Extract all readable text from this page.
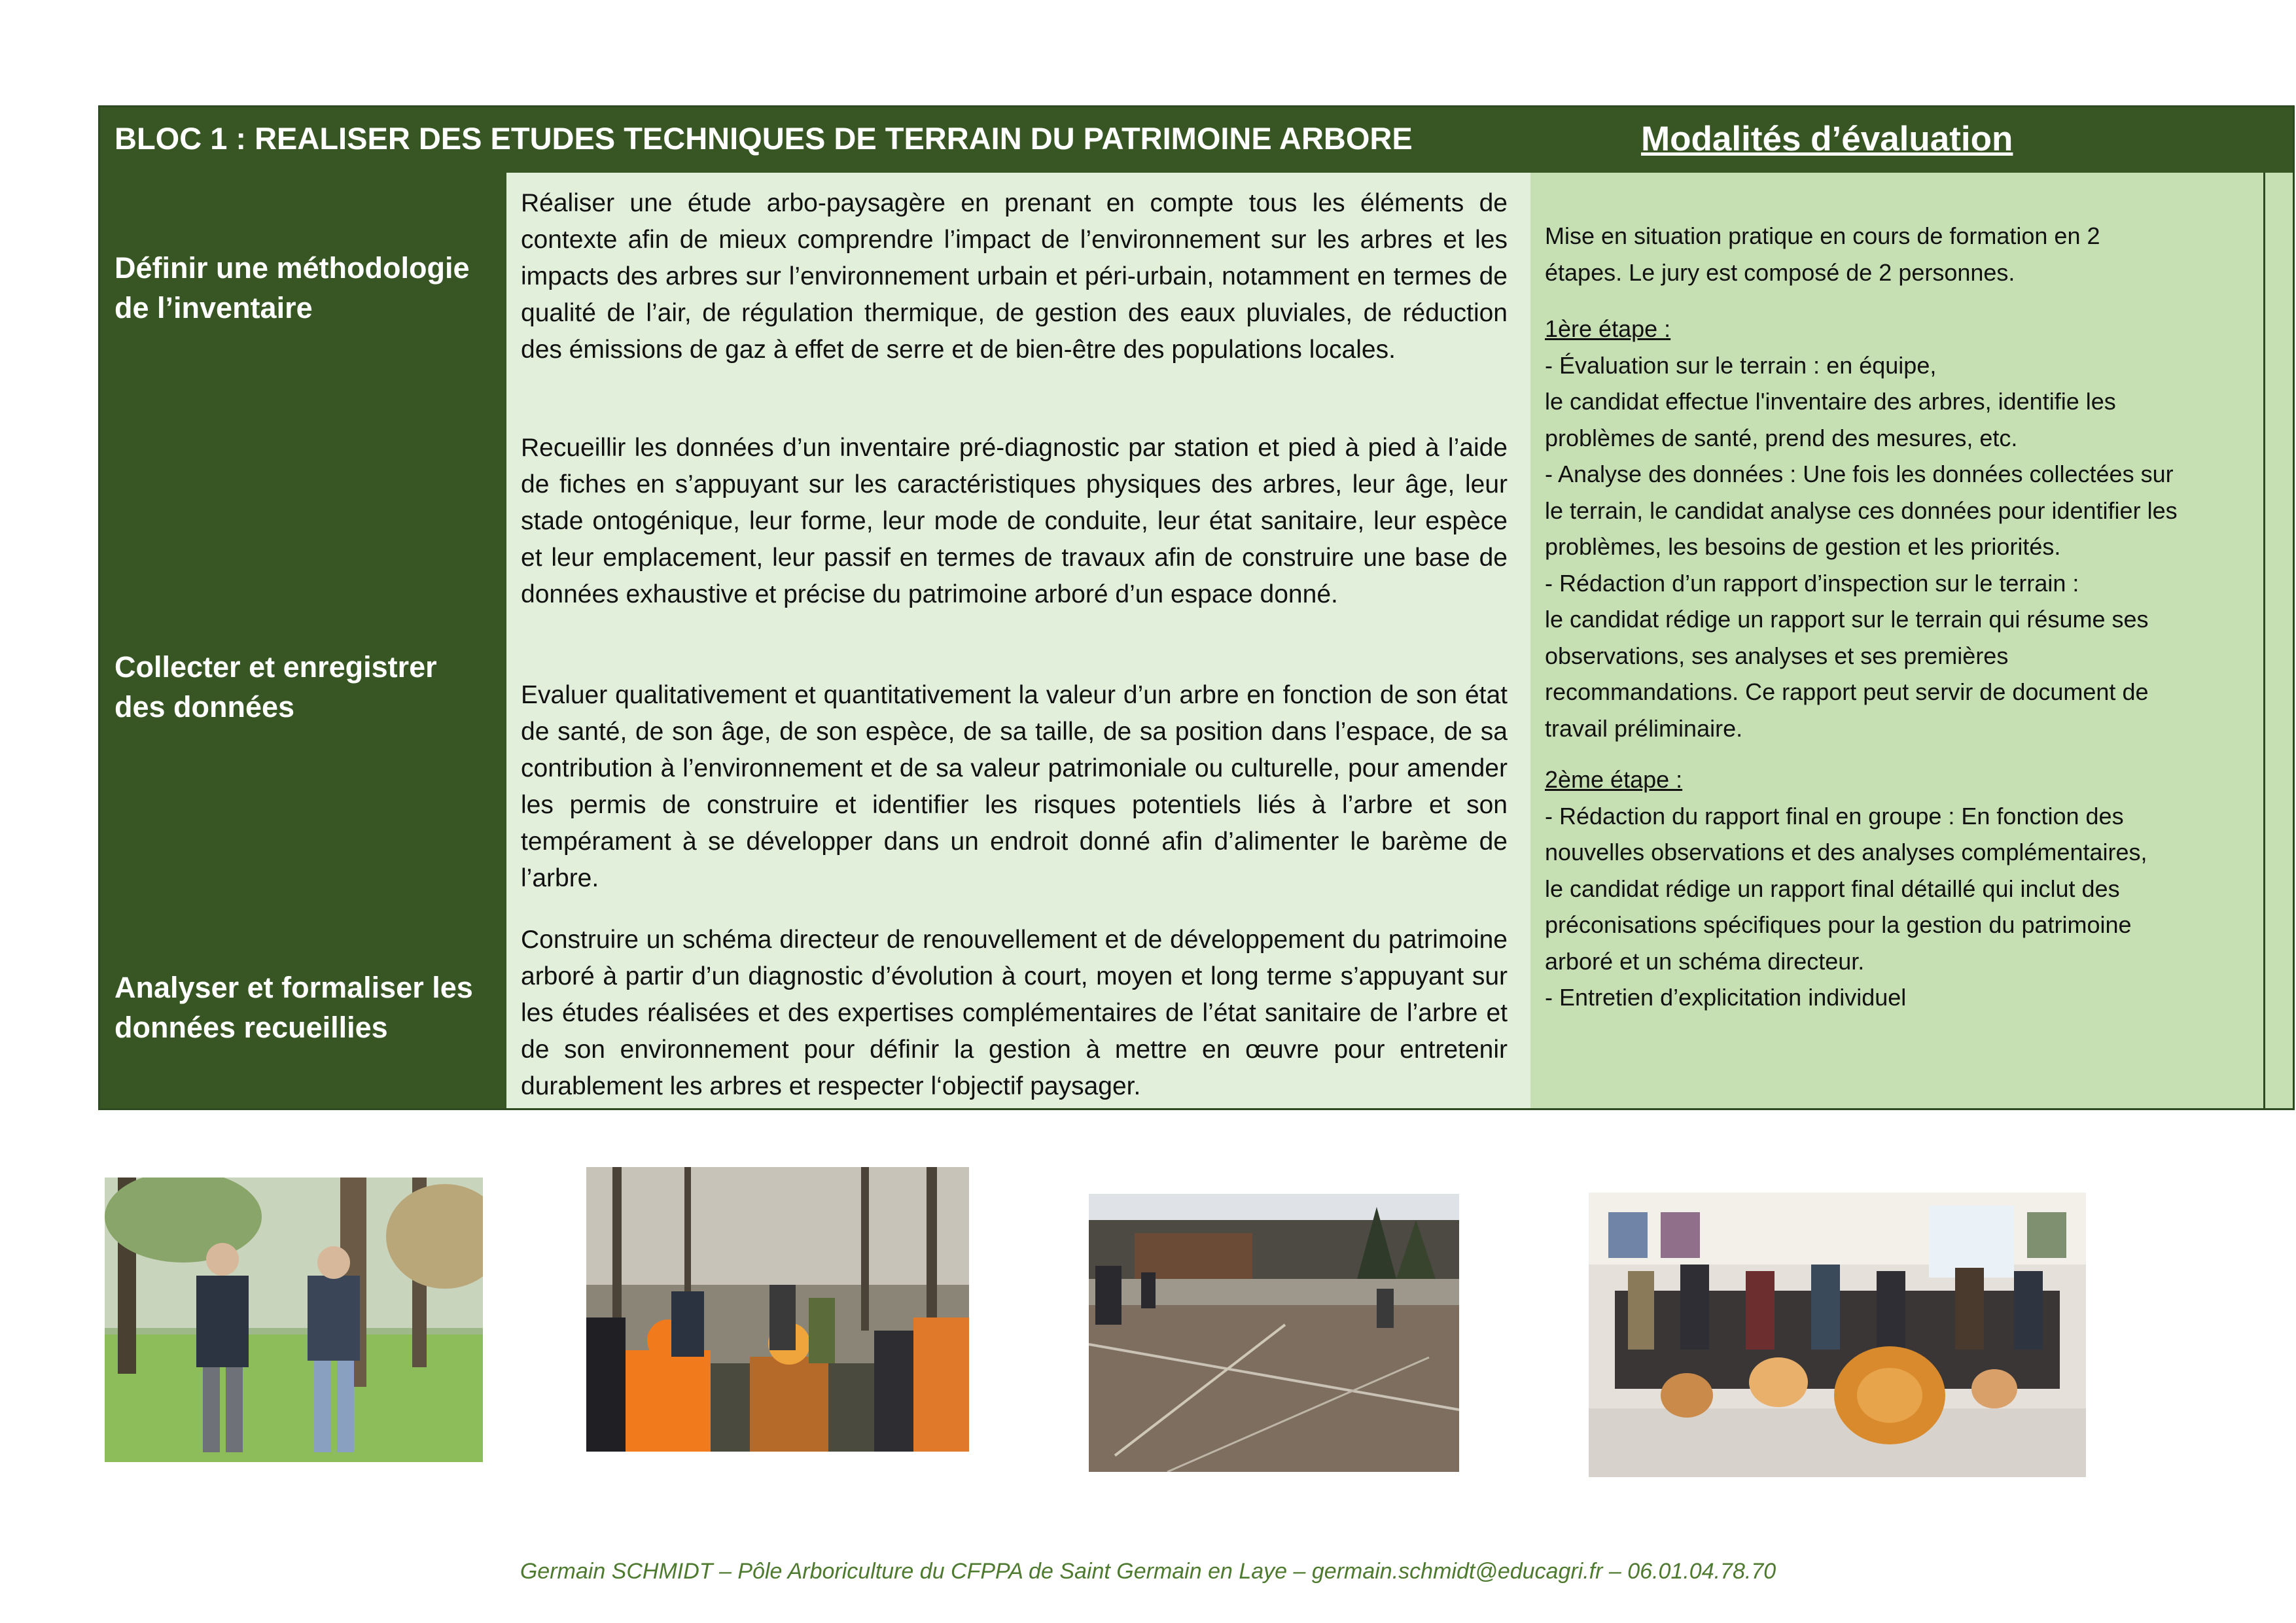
BLOC 1 : REALISER DES ETUDES TECHNIQUES DE TERRAIN DU PATRIMOINE ARBORE	Modalités d’évaluation
Définir une méthodologie de l’inventaire
Collecter et enregistrer des données
Analyser et formaliser les données recueillies
Réaliser une étude arbo-paysagère en prenant en compte tous les éléments de contexte afin de mieux comprendre l’impact de l’environnement sur les arbres et les impacts des arbres sur l’environnement urbain et péri-urbain, notamment en termes de qualité de l’air, de régulation thermique, de gestion des eaux pluviales, de réduction des émissions de gaz à effet de serre et de bien-être des populations locales.
Recueillir les données d’un inventaire pré-diagnostic par station et pied à pied à l’aide de fiches en s’appuyant sur les caractéristiques physiques des arbres, leur âge, leur stade ontogénique, leur forme, leur mode de conduite, leur état sanitaire, leur espèce et leur emplacement, leur passif en termes de travaux afin de construire une base de données exhaustive et précise du patrimoine arboré d’un espace donné.
Evaluer qualitativement et quantitativement la valeur d’un arbre en fonction de son état de santé, de son âge, de son espèce, de sa taille, de sa position dans l’espace, de sa contribution à l’environnement et de sa valeur patrimoniale ou culturelle, pour amender les permis de construire et identifier les risques potentiels liés à l’arbre et son tempérament à se développer dans un endroit donné afin d’alimenter le barème de l’arbre.
Construire un schéma directeur de renouvellement et de développement du patrimoine arboré à partir d’un diagnostic d’évolution à court, moyen et long terme s’appuyant sur les études réalisées et des expertises complémentaires de l’état sanitaire de l’arbre et de son environnement pour définir la gestion à mettre en œuvre pour entretenir durablement les arbres et respecter l‘objectif paysager.
Mise en situation pratique en cours de formation en 2
étapes. Le jury est composé de 2 personnes.
1ère étape :
- Évaluation sur le terrain : en équipe,
le candidat effectue l'inventaire des arbres, identifie les
problèmes de santé, prend des mesures, etc.
- Analyse des données : Une fois les données collectées sur
le terrain, le candidat analyse ces données pour identifier les
problèmes, les besoins de gestion et les priorités.
- Rédaction d’un rapport d’inspection sur le terrain :
le candidat rédige un rapport sur le terrain qui résume ses
observations, ses analyses et ses premières
recommandations. Ce rapport peut servir de document de
travail préliminaire.
2ème étape :
- Rédaction du rapport final en groupe : En fonction des
nouvelles observations et des analyses complémentaires,
le candidat rédige un rapport final détaillé qui inclut des
préconisations spécifiques pour la gestion du patrimoine
arboré et un schéma directeur.
- Entretien d’explicitation individuel
Germain SCHMIDT – Pôle Arboriculture du CFPPA de Saint Germain en Laye – germain.schmidt@educagri.fr – 06.01.04.78.70
